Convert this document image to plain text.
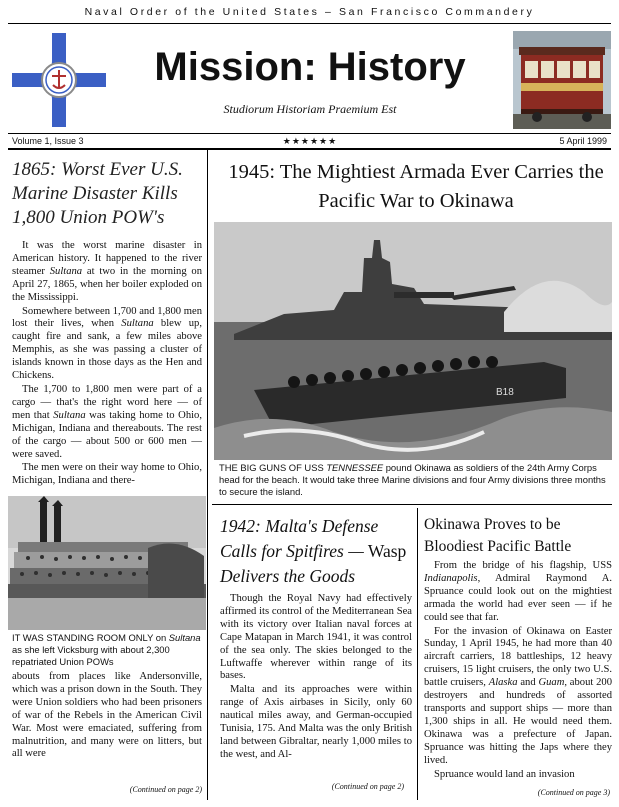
Naval Order of the United States – San Francisco Commandery
Mission: History
Studiorum Historiam Praemium Est
Volume 1, Issue 3	★★★★★★	5 April 1999
1865: Worst Ever U.S. Marine Disaster Kills 1,800 Union POW's

It was the worst marine disaster in American history. It happened to the river steamer Sultana at two in the morning on April 27, 1865, when her boiler exploded on the Mississippi.

Somewhere between 1,700 and 1,800 men lost their lives, when Sultana blew up, caught fire and sank, a few miles above Memphis, as she was passing a cluster of islands known in those days as the Hen and Chickens.

The 1,700 to 1,800 men were part of a cargo — that's the right word here — of men that Sultana was taking home to Ohio, Michigan, Indiana and thereabouts. The rest of the cargo — about 500 or 600 men — were saved.

The men were on their way home to Ohio, Michigan, Indiana and there-

IT WAS STANDING ROOM ONLY on Sultana as she left Vicksburg with about 2,300 repatriated Union POWs

abouts from places like Andersonville, which was a prison down in the South. They were Union soldiers who had been prisoners of war of the Rebels in the American Civil War. Most were emaciated, suffering from malnutrition, and many were on litters, but all were

(Continued on page 2)
1945: The Mightiest Armada Ever Carries the Pacific War to Okinawa
B18
THE BIG GUNS OF USS TENNESSEE pound Okinawa as soldiers of the 24th Army Corps head for the beach. It would take three Marine divisions and four Army divisions three months to secure the island.
1942: Malta's Defense Calls for Spitfires — Wasp Delivers the Goods

Though the Royal Navy had effectively affirmed its control of the Mediterranean Sea with its victory over Italian naval forces at Cape Matapan in March 1941, it was control of the sea only. The skies belonged to the Luftwaffe wherever within range of its bases.

Malta and its approaches were within range of Axis airbases in Sicily, only 60 nautical miles away, and German-occupied Tunisia, 175. And Malta was the only British land between Gibraltar, nearly 1,000 miles to the west, and Al-

(Continued on page 2)
Okinawa Proves to be Bloodiest Pacific Battle

From the bridge of his flagship, USS Indianapolis, Admiral Raymond A. Spruance could look out on the mightiest armada the world had ever seen — if he could see that far.

For the invasion of Okinawa on Easter Sunday, 1 April 1945, he had more than 40 aircraft carriers, 18 battleships, 12 heavy cruisers, 15 light cruisers, the only two U.S. battle cruisers, Alaska and Guam, about 200 destroyers and hundreds of assorted transports and support ships — more than 1,300 ships in all. He would need them. Okinawa was a prefecture of Japan. Spruance was hitting the Japs where they lived.

Spruance would land an invasion

(Continued on page 3)
